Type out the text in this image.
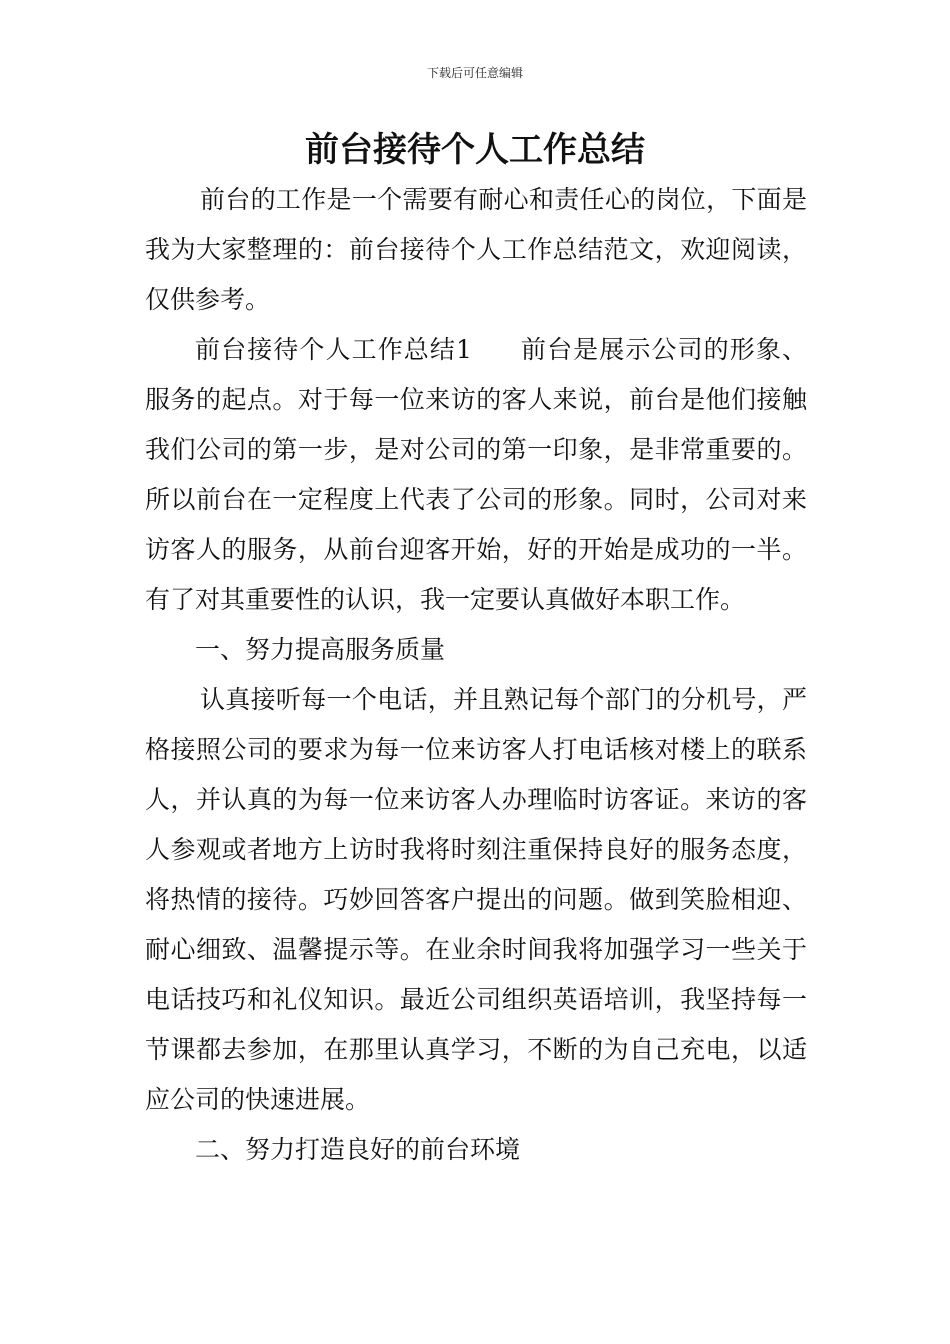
下载后可任意编辑
前台接待个人工作总结

前台的工作是一个需要有耐心和责任心的岗位，下面是我为大家整理的：前台接待个人工作总结范文，欢迎阅读，仅供参考。

前台接待个人工作总结1 前台是展示公司的形象、服务的起点。对于每一位来访的客人来说，前台是他们接触我们公司的第一步，是对公司的第一印象，是非常重要的。所以前台在一定程度上代表了公司的形象。同时，公司对来访客人的服务，从前台迎客开始，好的开始是成功的一半。有了对其重要性的认识，我一定要认真做好本职工作。

一、努力提高服务质量

认真接听每一个电话，并且熟记每个部门的分机号，严格接照公司的要求为每一位来访客人打电话核对楼上的联系人，并认真的为每一位来访客人办理临时访客证。来访的客人参观或者地方上访时我将时刻注重保持良好的服务态度，将热情的接待。巧妙回答客户提出的问题。做到笑脸相迎、耐心细致、温馨提示等。在业余时间我将加强学习一些关于电话技巧和礼仪知识。最近公司组织英语培训，我坚持每一节课都去参加，在那里认真学习，不断的为自己充电，以适应公司的快速进展。

二、努力打造良好的前台环境
